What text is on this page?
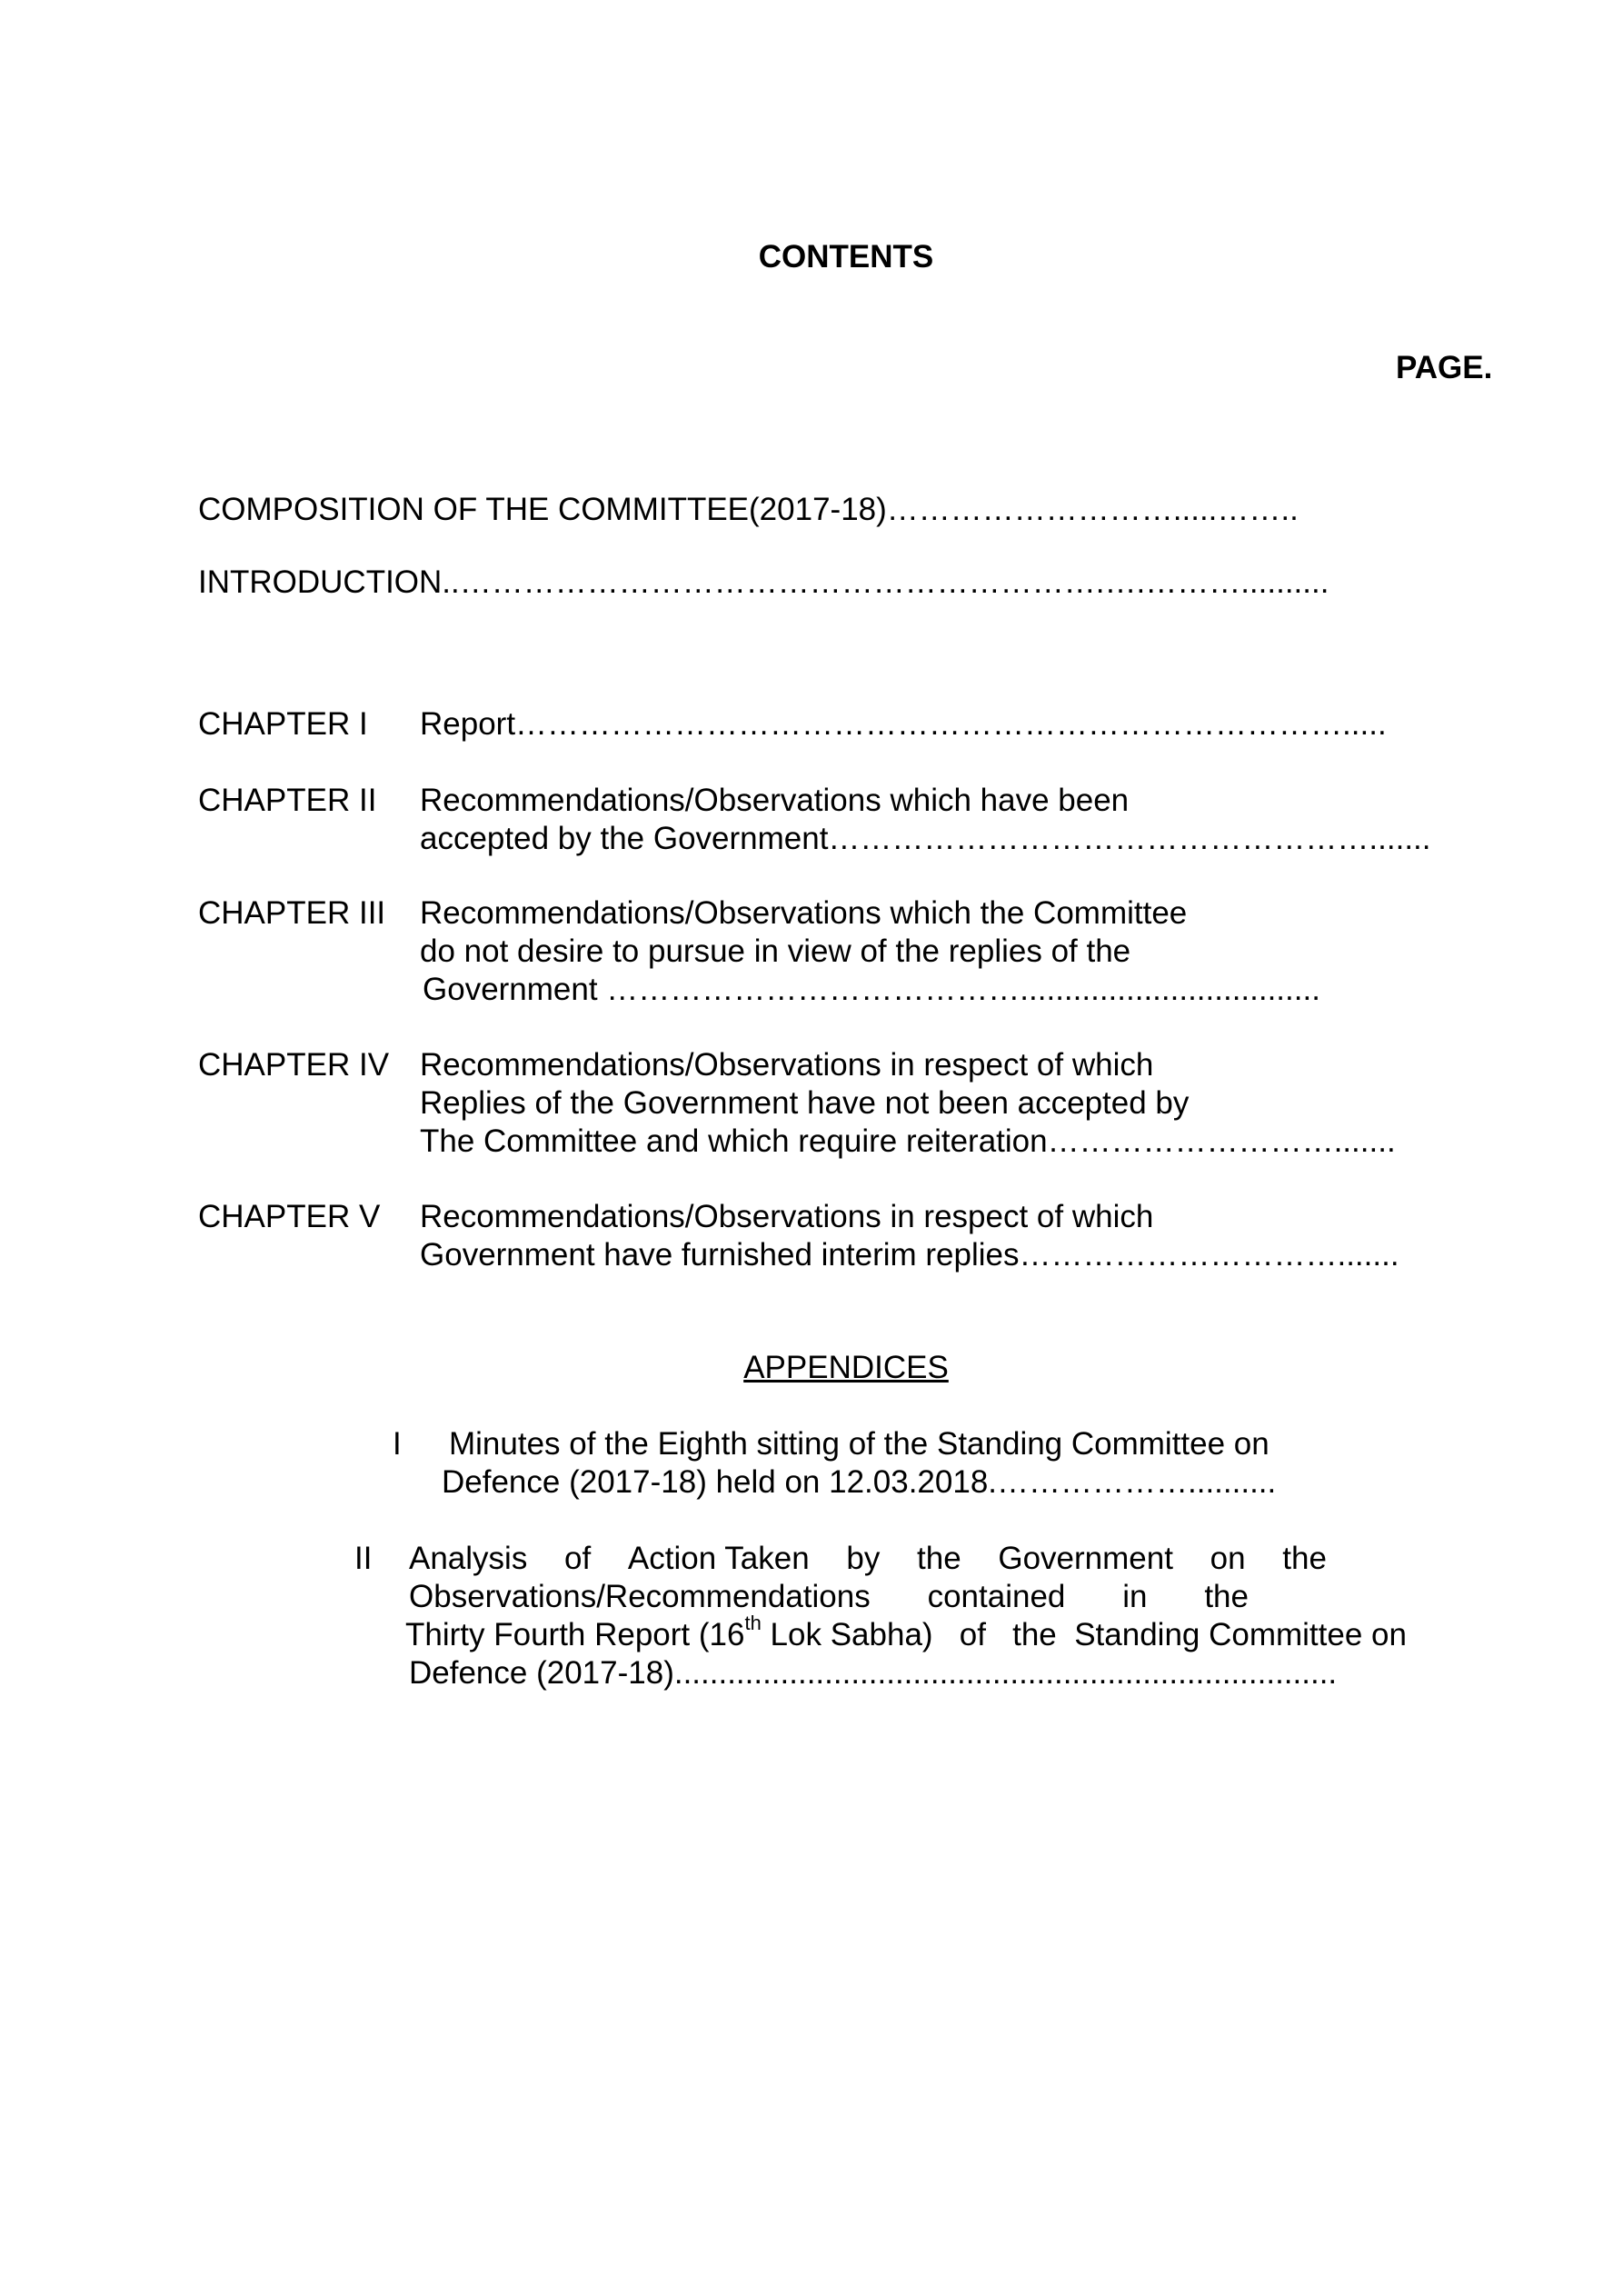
CONTENTS
PAGE.
COMPOSITION OF THE COMMITTEE(2017-18)……………………….....……..
INTRODUCTION..…………………………………………………….….………..........
CHAPTER I Report…………………………………………………………………….....
CHAPTER II Recommendations/Observations which have been
accepted by the Government…………………………………………….......
CHAPTER III Recommendations/Observations which the Committee
do not desire to pursue in view of the replies of the
Government …………………………………..................................
CHAPTER IV Recommendations/Observations in respect of which
Replies of the Government have not been accepted by
The Committee and which require reiteration……………………….......
CHAPTER V Recommendations/Observations in respect of which
Government have furnished interim replies………………………….......
APPENDICES
I Minutes of the Eighth sitting of the Standing Committee on
Defence (2017-18) held on 12.03.2018.………………..........
II Analysis of Action Taken by the Government on the
Observations/Recommendations contained in the
Thirty Fourth Report (16th Lok Sabha)   of   the  Standing Committee on
Defence (2017-18)...........................................................................
